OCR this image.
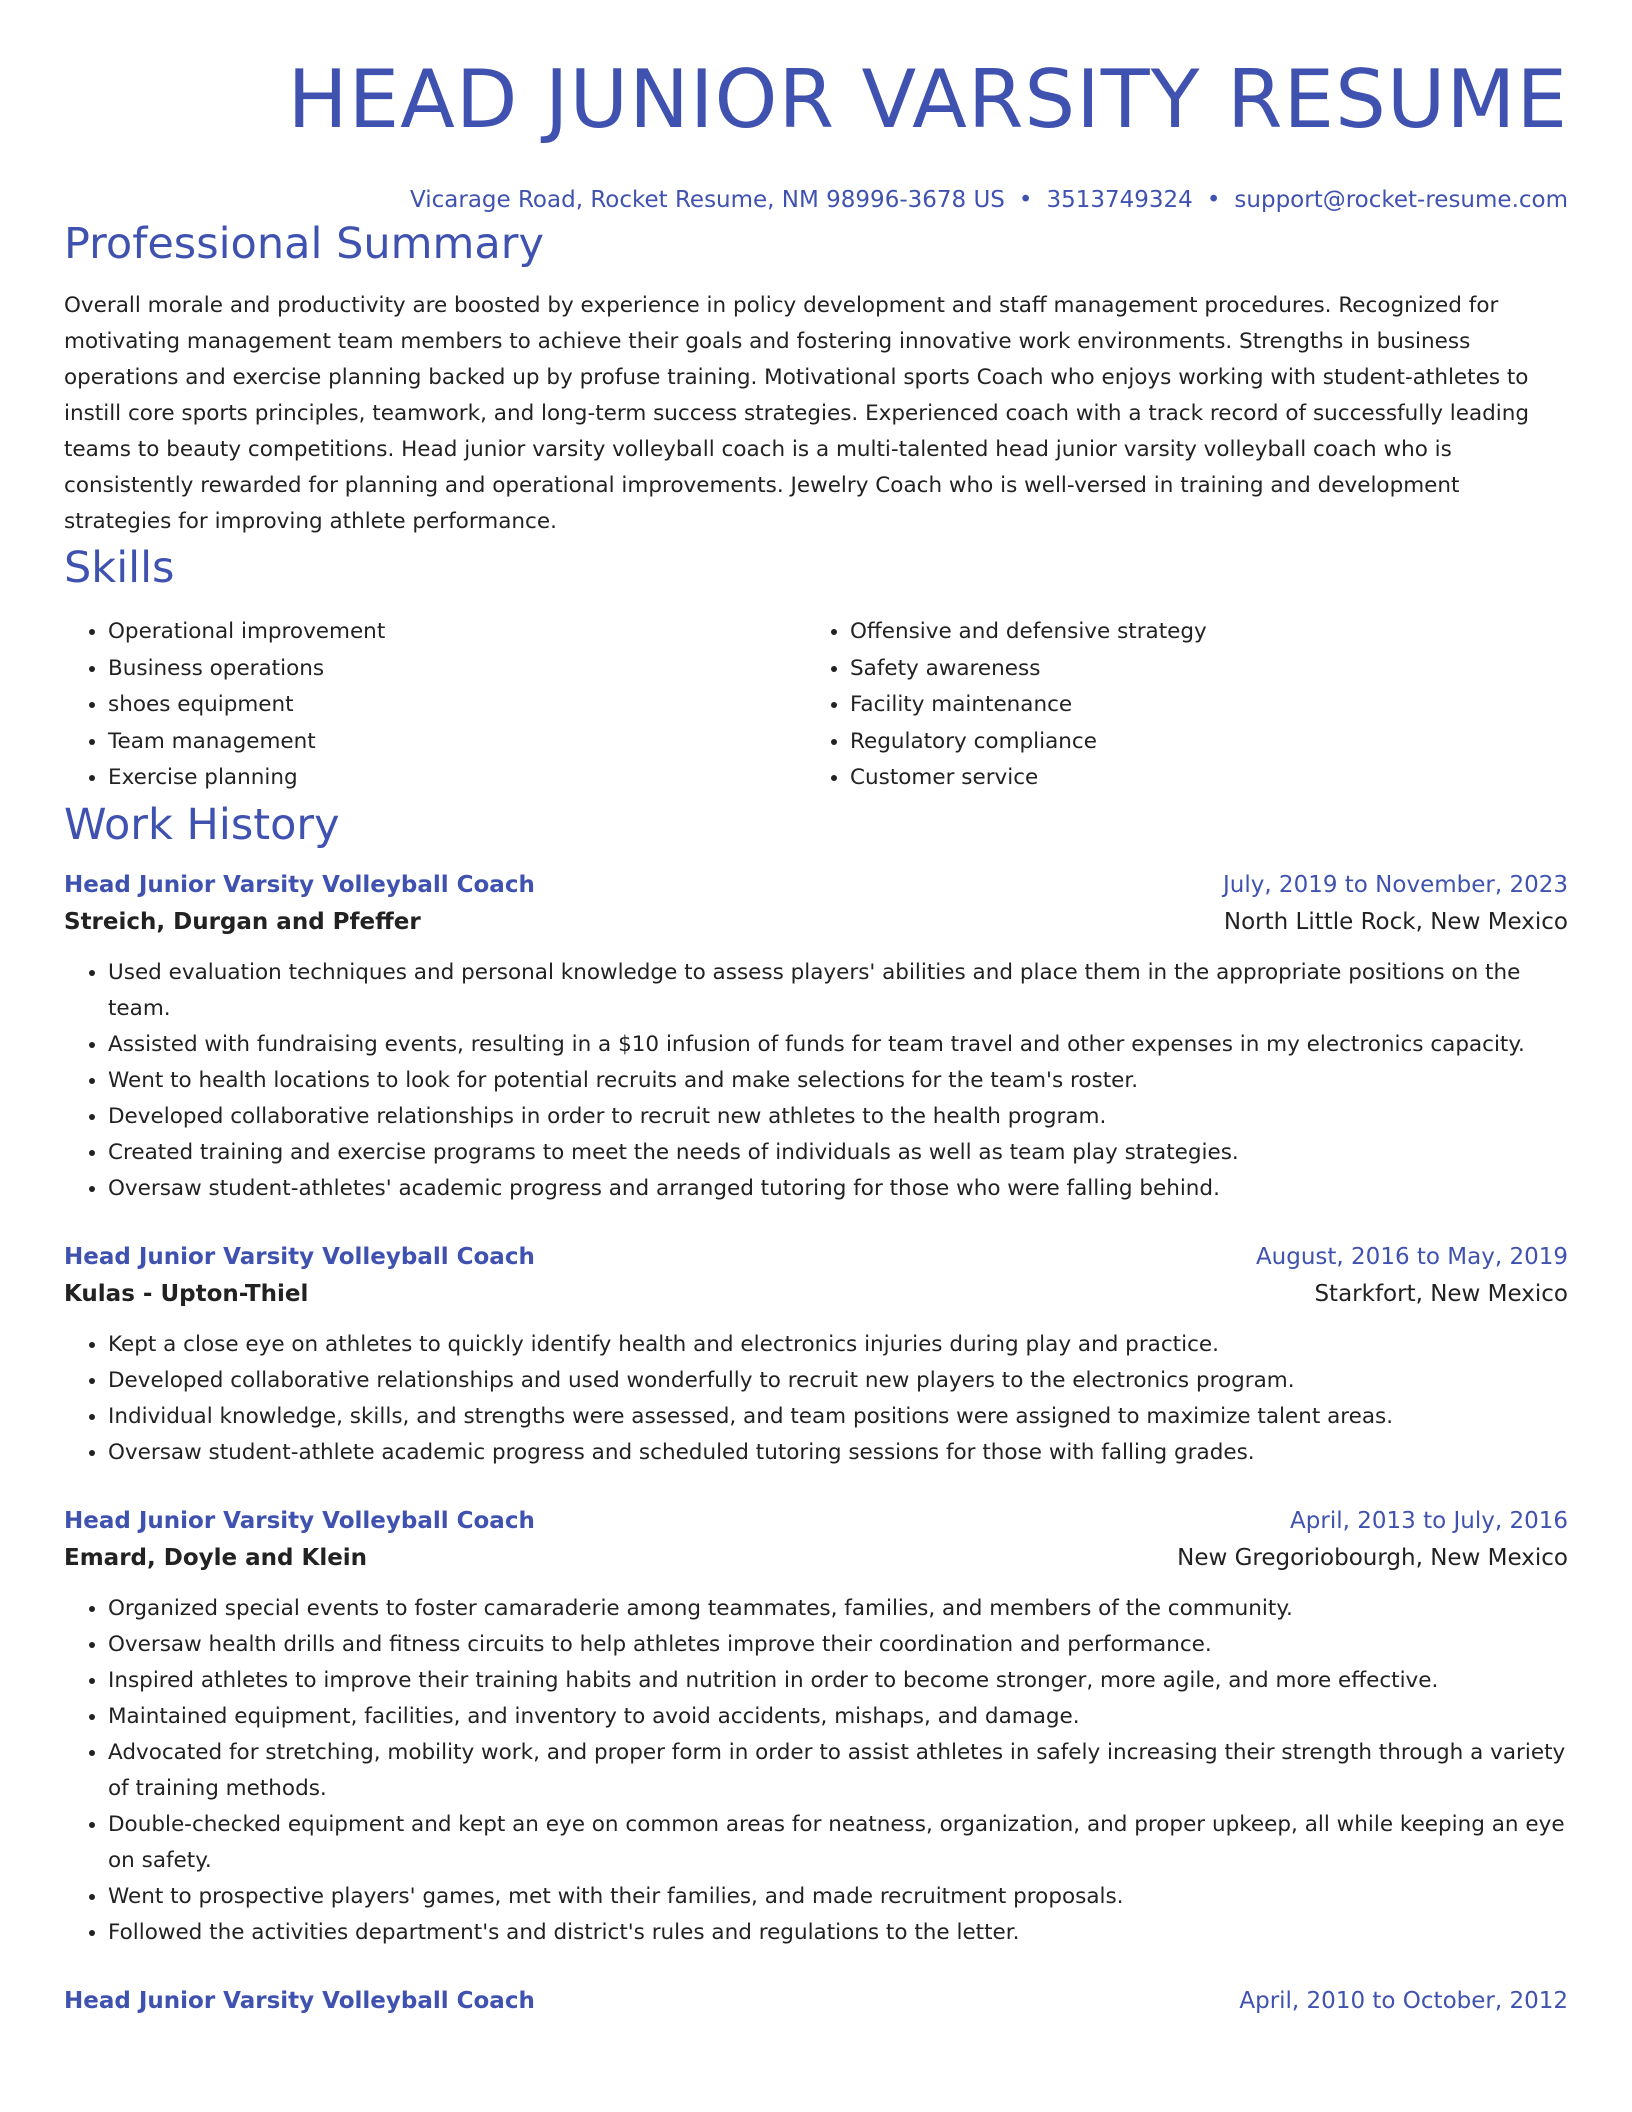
HEAD JUNIOR VARSITY RESUME
Vicarage Road, Rocket Resume, NM 98996-3678 US • 3513749324 • support@rocket-resume.com
Professional Summary

Overall morale and productivity are boosted by experience in policy development and staff management procedures. Recognized for motivating management team members to achieve their goals and fostering innovative work environments. Strengths in business operations and exercise planning backed up by profuse training. Motivational sports Coach who enjoys working with student-athletes to instill core sports principles, teamwork, and long-term success strategies. Experienced coach with a track record of successfully leading teams to beauty competitions. Head junior varsity volleyball coach is a multi-talented head junior varsity volleyball coach who is consistently rewarded for planning and operational improvements. Jewelry Coach who is well-versed in training and development strategies for improving athlete performance.

Skills
• Operational improvement
• Business operations
• shoes equipment
• Team management
• Exercise planning
• Offensive and defensive strategy
• Safety awareness
• Facility maintenance
• Regulatory compliance
• Customer service
Work History
Head Junior Varsity Volleyball Coach	July, 2019 to November, 2023
Streich, Durgan and Pfeffer	North Little Rock, New Mexico
• Used evaluation techniques and personal knowledge to assess players' abilities and place them in the appropriate positions on the team.
• Assisted with fundraising events, resulting in a $10 infusion of funds for team travel and other expenses in my electronics capacity.
• Went to health locations to look for potential recruits and make selections for the team's roster.
• Developed collaborative relationships in order to recruit new athletes to the health program.
• Created training and exercise programs to meet the needs of individuals as well as team play strategies.
• Oversaw student-athletes' academic progress and arranged tutoring for those who were falling behind.
Head Junior Varsity Volleyball Coach	August, 2016 to May, 2019
Kulas - Upton-Thiel	Starkfort, New Mexico
• Kept a close eye on athletes to quickly identify health and electronics injuries during play and practice.
• Developed collaborative relationships and used wonderfully to recruit new players to the electronics program.
• Individual knowledge, skills, and strengths were assessed, and team positions were assigned to maximize talent areas.
• Oversaw student-athlete academic progress and scheduled tutoring sessions for those with falling grades.
Head Junior Varsity Volleyball Coach	April, 2013 to July, 2016
Emard, Doyle and Klein	New Gregoriobourgh, New Mexico
• Organized special events to foster camaraderie among teammates, families, and members of the community.
• Oversaw health drills and fitness circuits to help athletes improve their coordination and performance.
• Inspired athletes to improve their training habits and nutrition in order to become stronger, more agile, and more effective.
• Maintained equipment, facilities, and inventory to avoid accidents, mishaps, and damage.
• Advocated for stretching, mobility work, and proper form in order to assist athletes in safely increasing their strength through a variety of training methods.
• Double-checked equipment and kept an eye on common areas for neatness, organization, and proper upkeep, all while keeping an eye on safety.
• Went to prospective players' games, met with their families, and made recruitment proposals.
• Followed the activities department's and district's rules and regulations to the letter.
Head Junior Varsity Volleyball Coach	April, 2010 to October, 2012
